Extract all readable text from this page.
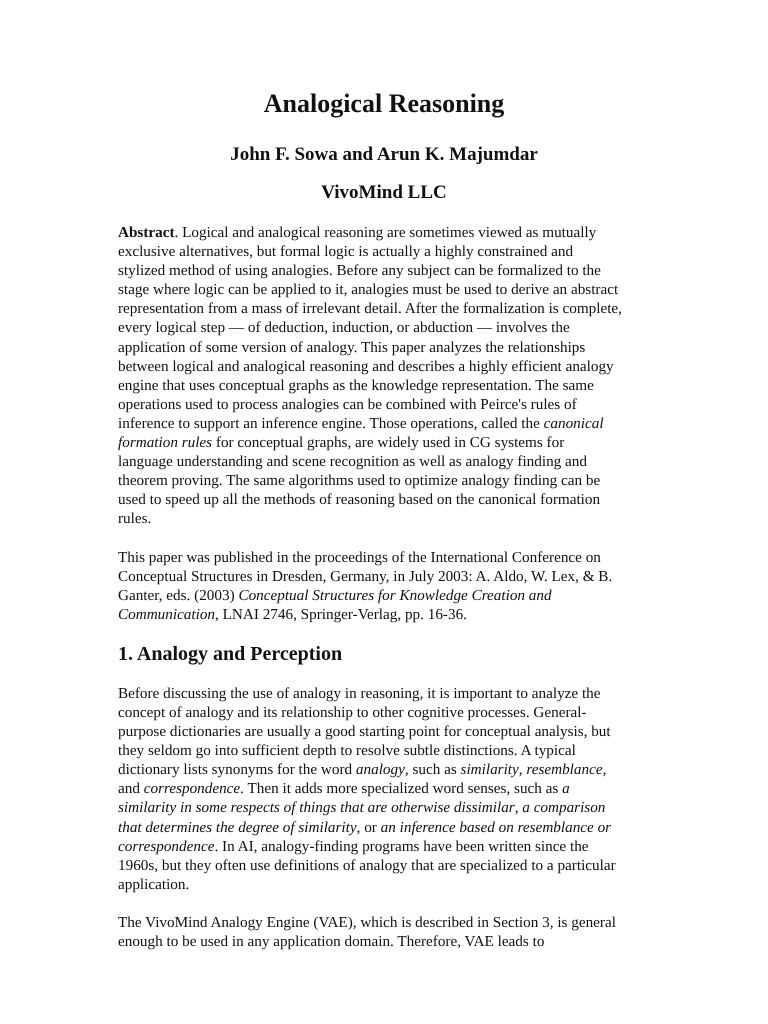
Analogical Reasoning
John F. Sowa and Arun K. Majumdar
VivoMind LLC

Abstract. Logical and analogical reasoning are sometimes viewed as mutually exclusive alternatives, but formal logic is actually a highly constrained and stylized method of using analogies. Before any subject can be formalized to the stage where logic can be applied to it, analogies must be used to derive an abstract representation from a mass of irrelevant detail. After the formalization is complete, every logical step — of deduction, induction, or abduction — involves the application of some version of analogy. This paper analyzes the relationships between logical and analogical reasoning and describes a highly efficient analogy engine that uses conceptual graphs as the knowledge representation. The same operations used to process analogies can be combined with Peirce's rules of inference to support an inference engine. Those operations, called the canonical formation rules for conceptual graphs, are widely used in CG systems for language understanding and scene recognition as well as analogy finding and theorem proving. The same algorithms used to optimize analogy finding can be used to speed up all the methods of reasoning based on the canonical formation rules.

This paper was published in the proceedings of the International Conference on Conceptual Structures in Dresden, Germany, in July 2003: A. Aldo, W. Lex, & B. Ganter, eds. (2003) Conceptual Structures for Knowledge Creation and Communication, LNAI 2746, Springer-Verlag, pp. 16-36.

1. Analogy and Perception

Before discussing the use of analogy in reasoning, it is important to analyze the concept of analogy and its relationship to other cognitive processes. General-purpose dictionaries are usually a good starting point for conceptual analysis, but they seldom go into sufficient depth to resolve subtle distinctions. A typical dictionary lists synonyms for the word analogy, such as similarity, resemblance, and correspondence. Then it adds more specialized word senses, such as a similarity in some respects of things that are otherwise dissimilar, a comparison that determines the degree of similarity, or an inference based on resemblance or correspondence. In AI, analogy-finding programs have been written since the 1960s, but they often use definitions of analogy that are specialized to a particular application.

The VivoMind Analogy Engine (VAE), which is described in Section 3, is general enough to be used in any application domain. Therefore, VAE leads to
